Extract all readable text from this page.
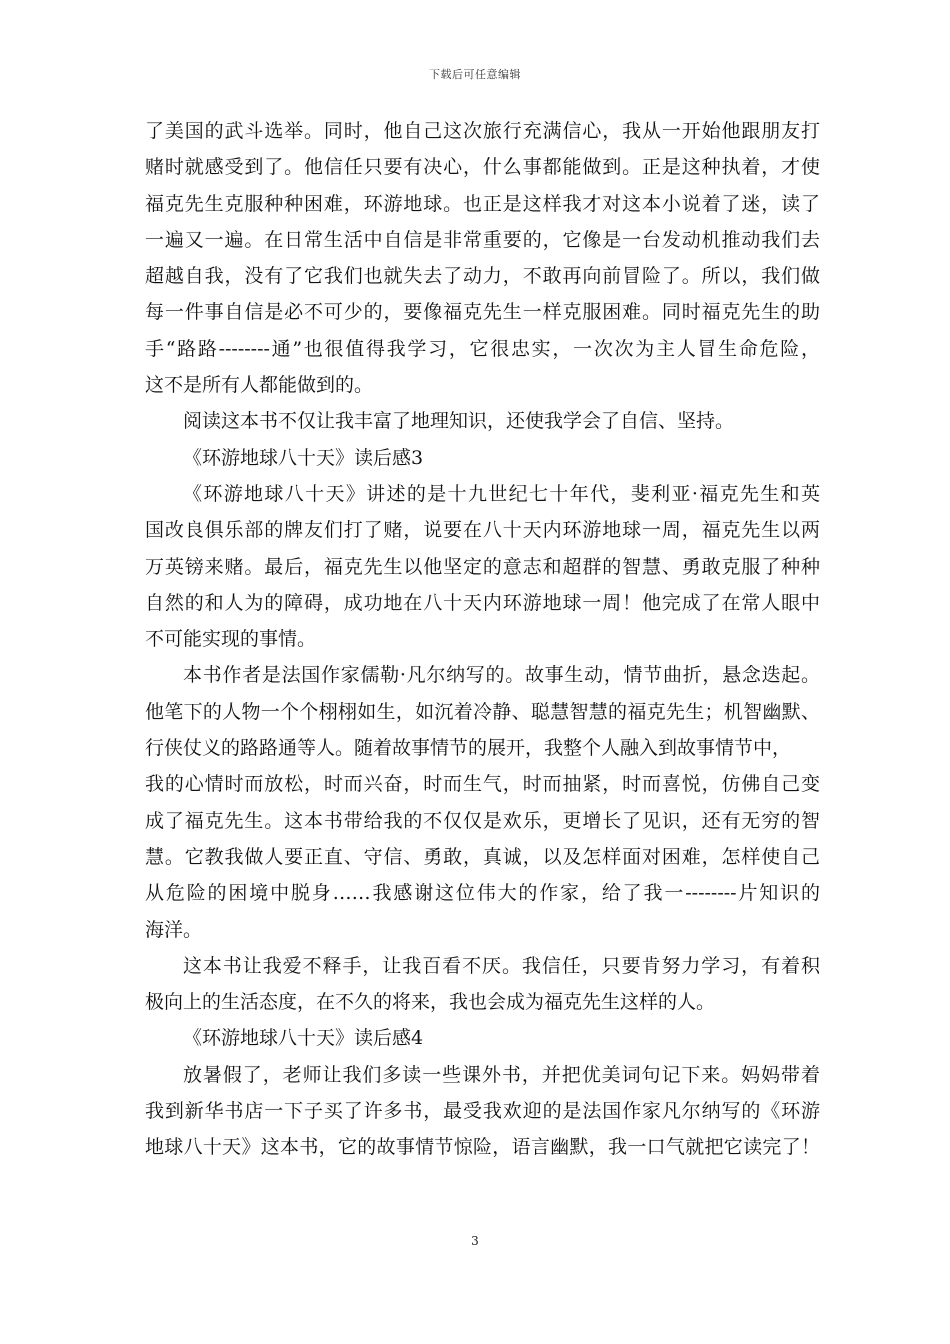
下载后可任意编辑
了美国的武斗选举。同时，他自己这次旅行充满信心，我从一开始他跟朋友打
赌时就感受到了。他信任只要有决心，什么事都能做到。正是这种执着，才使
福克先生克服种种困难，环游地球。也正是这样我才对这本小说着了迷，读了
一遍又一遍。在日常生活中自信是非常重要的，它像是一台发动机推动我们去
超越自我，没有了它我们也就失去了动力，不敢再向前冒险了。所以，我们做
每一件事自信是必不可少的，要像福克先生一样克服困难。同时福克先生的助
手“路路--------通”也很值得我学习，它很忠实，一次次为主人冒生命危险，
这不是所有人都能做到的。
阅读这本书不仅让我丰富了地理知识，还使我学会了自信、坚持。
《环游地球八十天》读后感3
《环游地球八十天》讲述的是十九世纪七十年代，斐利亚·福克先生和英
国改良俱乐部的牌友们打了赌，说要在八十天内环游地球一周，福克先生以两
万英镑来赌。最后，福克先生以他坚定的意志和超群的智慧、勇敢克服了种种
自然的和人为的障碍，成功地在八十天内环游地球一周！他完成了在常人眼中
不可能实现的事情。
本书作者是法国作家儒勒·凡尔纳写的。故事生动，情节曲折，悬念迭起。
他笔下的人物一个个栩栩如生，如沉着冷静、聪慧智慧的福克先生；机智幽默、
行侠仗义的路路通等人。随着故事情节的展开，我整个人融入到故事情节中，
我的心情时而放松，时而兴奋，时而生气，时而抽紧，时而喜悦，仿佛自己变
成了福克先生。这本书带给我的不仅仅是欢乐，更增长了见识，还有无穷的智
慧。它教我做人要正直、守信、勇敢，真诚，以及怎样面对困难，怎样使自己
从危险的困境中脱身……我感谢这位伟大的作家，给了我一--------片知识的
海洋。
这本书让我爱不释手，让我百看不厌。我信任，只要肯努力学习，有着积
极向上的生活态度，在不久的将来，我也会成为福克先生这样的人。
《环游地球八十天》读后感4
放暑假了，老师让我们多读一些课外书，并把优美词句记下来。妈妈带着
我到新华书店一下子买了许多书，最受我欢迎的是法国作家凡尔纳写的《环游
地球八十天》这本书，它的故事情节惊险，语言幽默，我一口气就把它读完了！
3
